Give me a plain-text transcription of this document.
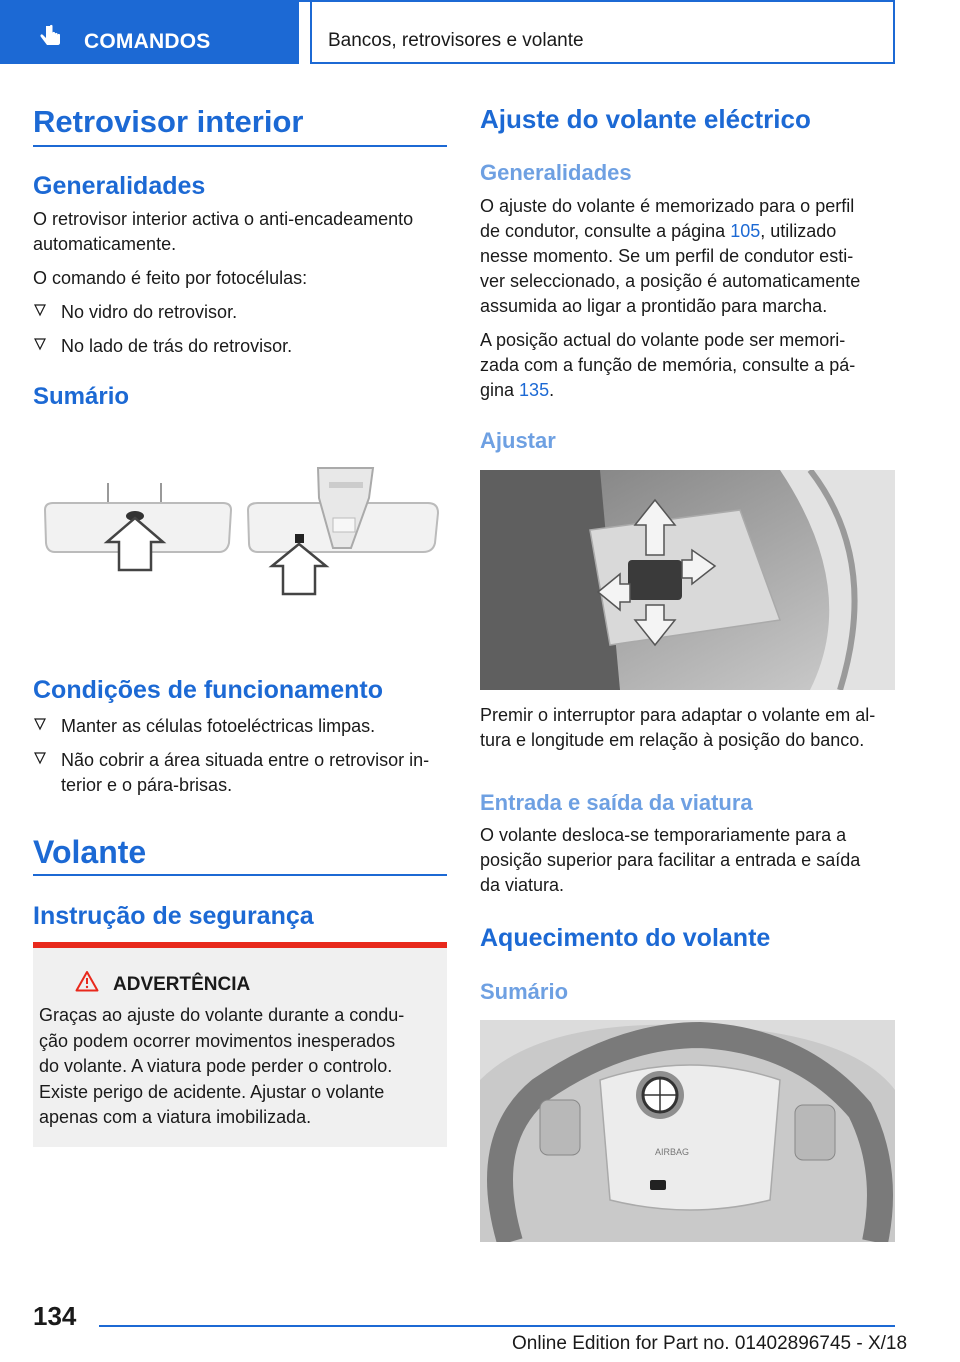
COMANDOS	Bancos, retrovisores e volante
Retrovisor interior
Generalidades
O retrovisor interior activa o anti-encadeamento
automaticamente.
O comando é feito por fotocélulas:
No vidro do retrovisor.
No lado de trás do retrovisor.
Sumário
Condições de funcionamento
Manter as células fotoeléctricas limpas.
Não cobrir a área situada entre o retrovisor in-
terior e o pára-brisas.
Volante
Instrução de segurança
ADVERTÊNCIA
Graças ao ajuste do volante durante a condu-
ção podem ocorrer movimentos inesperados
do volante. A viatura pode perder o controlo.
Existe perigo de acidente. Ajustar o volante
apenas com a viatura imobilizada.
Ajuste do volante eléctrico
Generalidades
O ajuste do volante é memorizado para o perfil
de condutor, consulte a página 105, utilizado
nesse momento. Se um perfil de condutor esti-
ver seleccionado, a posição é automaticamente
assumida ao ligar a prontidão para marcha.
A posição actual do volante pode ser memori-
zada com a função de memória, consulte a pá-
gina 135.
Ajustar
Premir o interruptor para adaptar o volante em al-
tura e longitude em relação à posição do banco.
Entrada e saída da viatura
O volante desloca-se temporariamente para a
posição superior para facilitar a entrada e saída
da viatura.
Aquecimento do volante
Sumário
AIRBAG
134
Online Edition for Part no. 01402896745 - X/18
